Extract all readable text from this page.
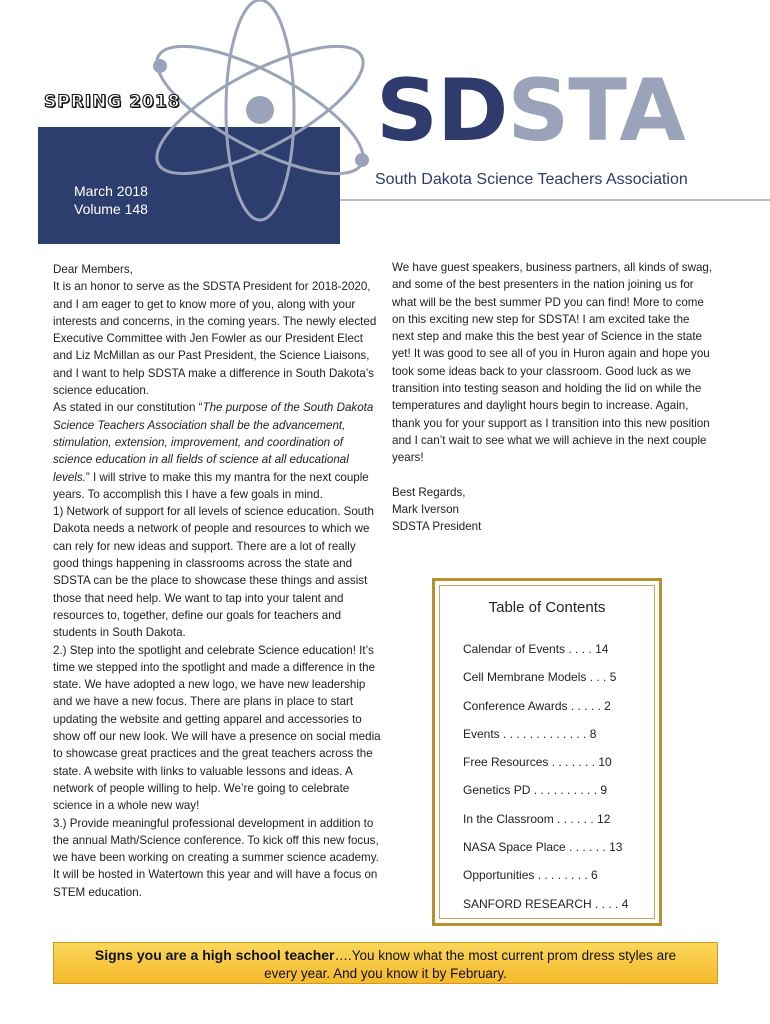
SPRING 2018
March 2018
Volume 148
SDSTA
South Dakota Science Teachers Association

Dear Members,

It is an honor to serve as the SDSTA President for 2018-2020, and I am eager to get to know more of you, along with your interests and concerns, in the coming years. The newly elected Executive Committee with Jen Fowler as our President Elect and Liz McMillan as our Past President, the Science Liaisons, and I want to help SDSTA make a difference in South Dakota’s science education.

As stated in our constitution “The purpose of the South Dakota Science Teachers Association shall be the advancement, stimulation, extension, improvement, and coordination of science education in all fields of science at all educational levels.” I will strive to make this my mantra for the next couple years. To accomplish this I have a few goals in mind.

1) Network of support for all levels of science education. South Dakota needs a network of people and resources to which we can rely for new ideas and support. There are a lot of really good things happening in classrooms across the state and SDSTA can be the place to showcase these things and assist those that need help. We want to tap into your talent and resources to, together, define our goals for teachers and students in South Dakota.

2.) Step into the spotlight and celebrate Science education! It’s time we stepped into the spotlight and made a difference in the state. We have adopted a new logo, we have new leadership and we have a new focus. There are plans in place to start updating the website and getting apparel and accessories to show off our new look. We will have a presence on social media to showcase great practices and the great teachers across the state. A website with links to valuable lessons and ideas. A network of people willing to help. We’re going to celebrate science in a whole new way!

3.) Provide meaningful professional development in addition to the annual Math/Science conference. To kick off this new focus, we have been working on creating a summer science academy. It will be hosted in Watertown this year and will have a focus on STEM education.

We have guest speakers, business partners, all kinds of swag, and some of the best presenters in the nation joining us for what will be the best summer PD you can find! More to come on this exciting new step for SDSTA! I am excited take the next step and make this the best year of Science in the state yet! It was good to see all of you in Huron again and hope you took some ideas back to your classroom. Good luck as we transition into testing season and holding the lid on while the temperatures and daylight hours begin to increase. Again, thank you for your support as I transition into this new position and I can’t wait to see what we will achieve in the next couple years!

Best Regards,

Mark Iverson

SDSTA President

Table of Contents
Calendar of Events . . . . 14
Cell Membrane Models . . . 5
Conference Awards . . . . . 2
Events . . . . . . . . . . . . . 8
Free Resources . . . . . . . 10
Genetics PD . . . . . . . . . . 9
In the Classroom . . . . . . 12
NASA Space Place . . . . . . 13
Opportunities . . . . . . . . 6
SANFORD RESEARCH . . . . 4
Signs you are a high school teacher….You know what the most current prom dress styles are
every year. And you know it by February.
